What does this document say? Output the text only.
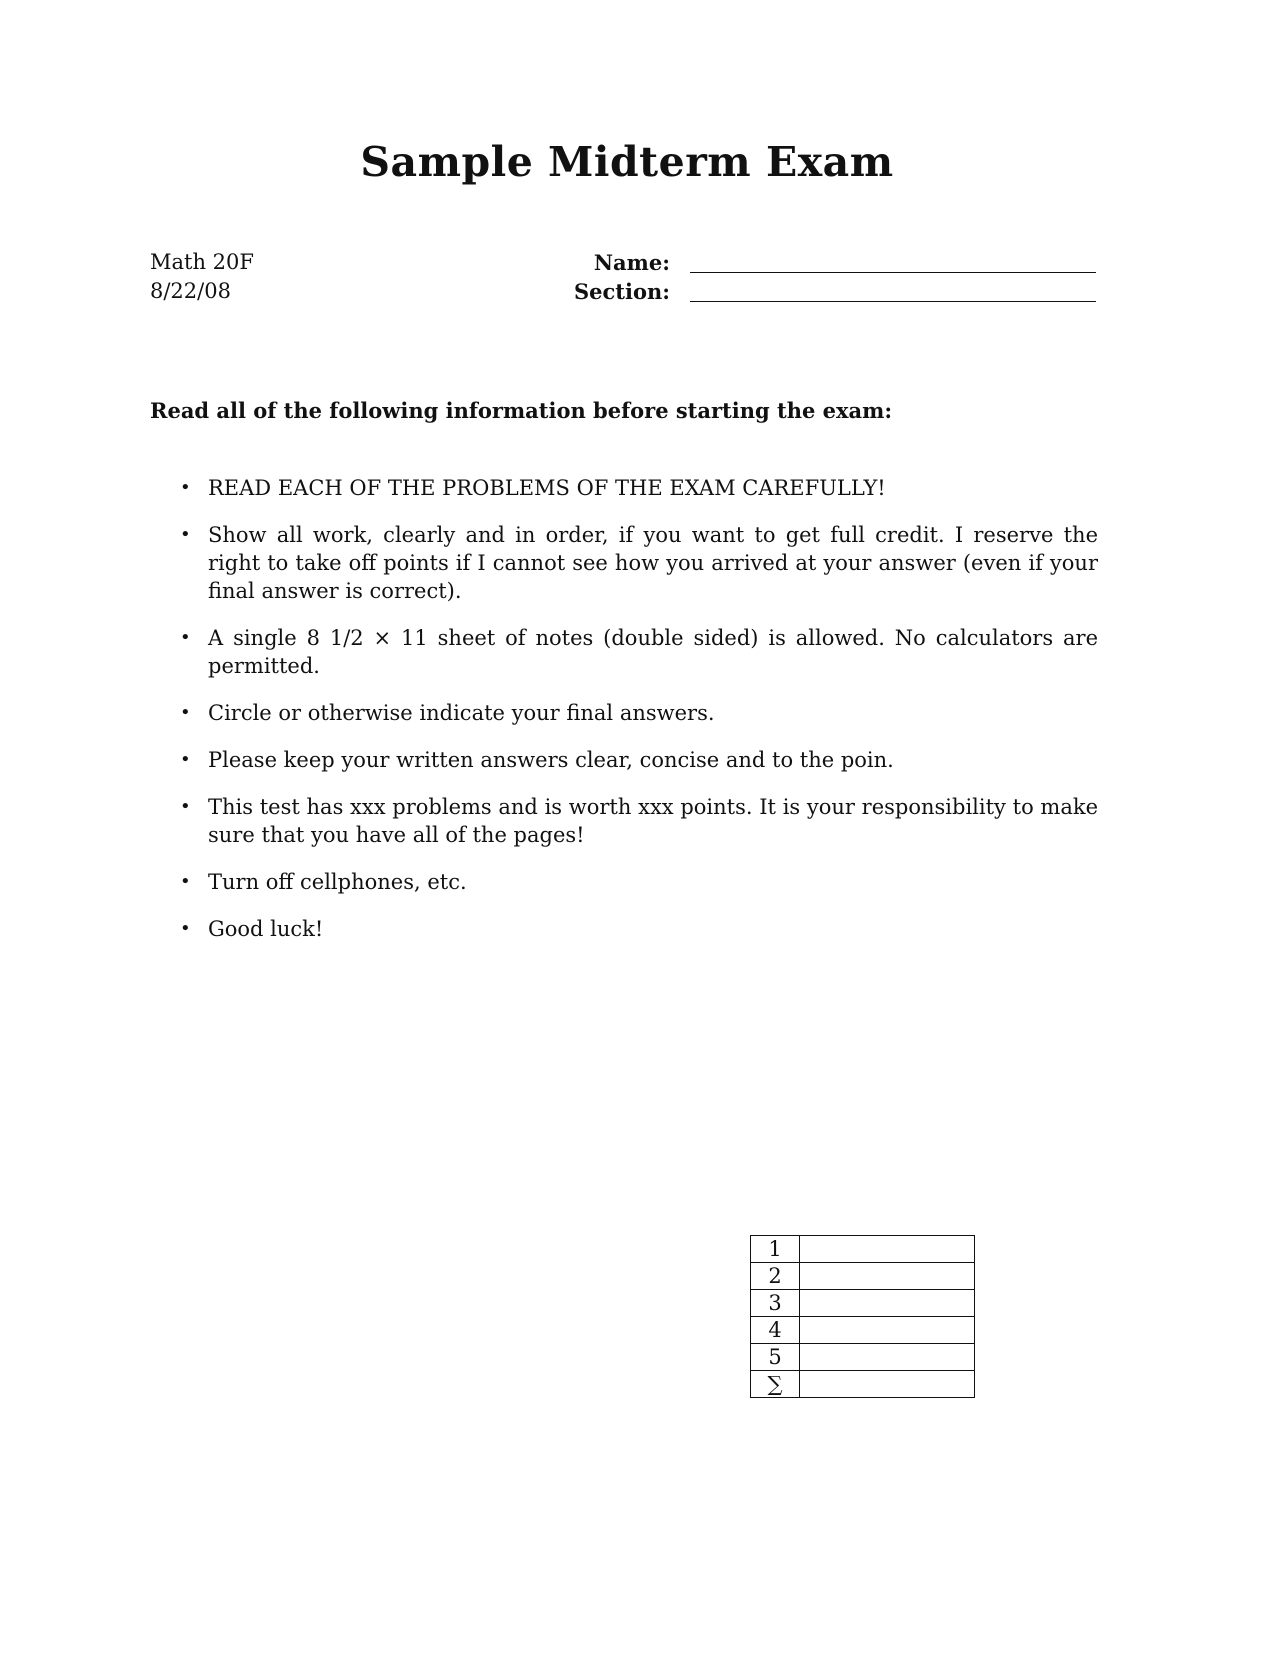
Sample Midterm Exam
Math 20F
8/22/08
Name:
Section:
Read all of the following information before starting the exam:
• READ EACH OF THE PROBLEMS OF THE EXAM CAREFULLY!
• Show all work, clearly and in order, if you want to get full credit. I reserve the right to take off points if I cannot see how you arrived at your answer (even if your final answer is correct).
• A single 8 1/2 × 11 sheet of notes (double sided) is allowed. No calculators are permitted.
• Circle or otherwise indicate your final answers.
• Please keep your written answers clear, concise and to the poin.
• This test has xxx problems and is worth xxx points. It is your responsibility to make sure that you have all of the pages!
• Turn off cellphones, etc.
• Good luck!
1	
2	
3	
4	
5	
∑	
